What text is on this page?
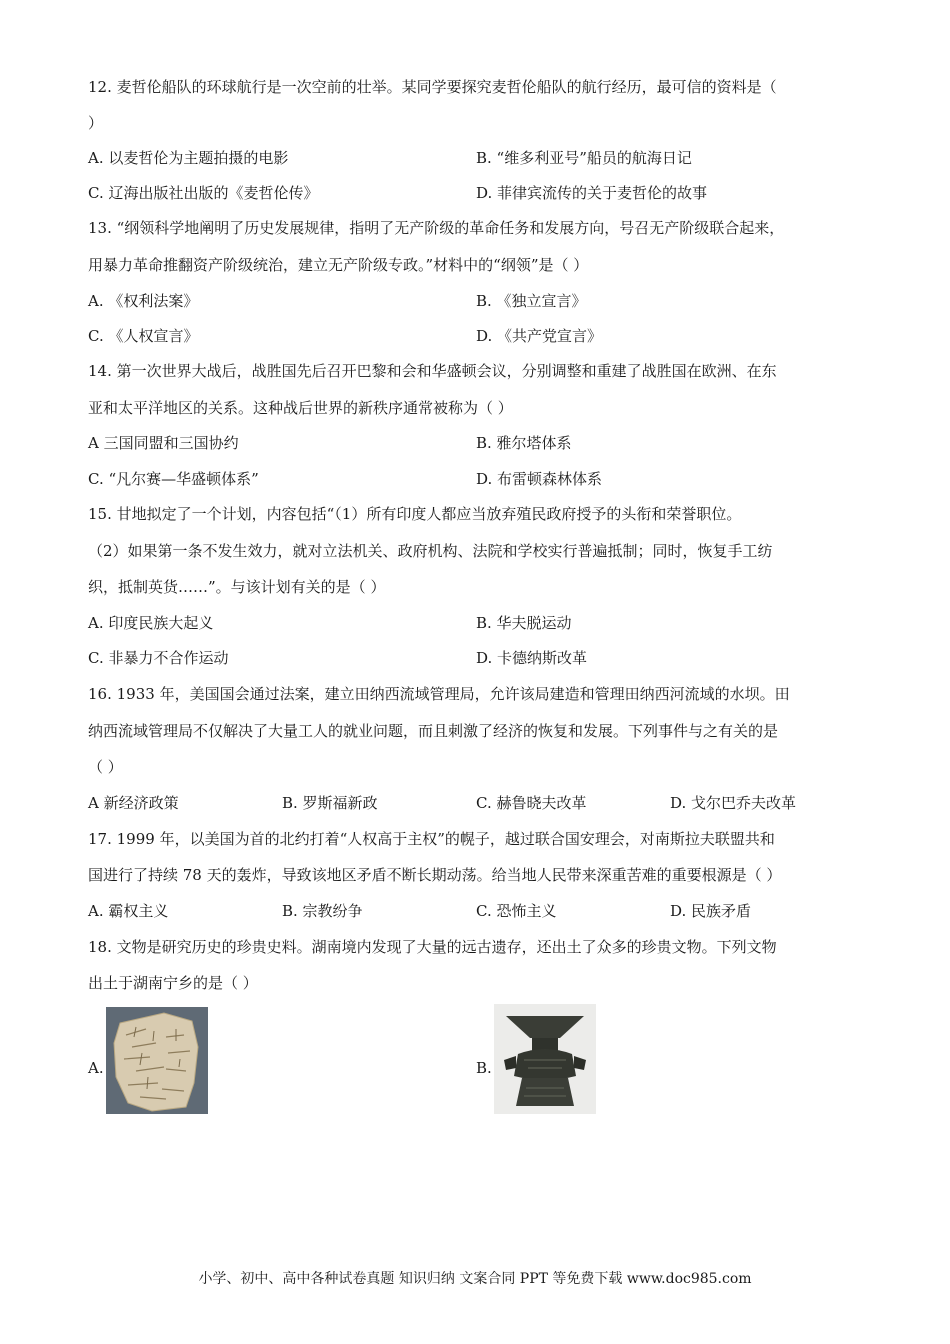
12. 麦哲伦船队的环球航行是一次空前的壮举。某同学要探究麦哲伦船队的航行经历，最可信的资料是（
）
A. 以麦哲伦为主题拍摄的电影	B. “维多利亚号”船员的航海日记
C. 辽海出版社出版的《麦哲伦传》	D. 菲律宾流传的关于麦哲伦的故事
13. “纲领科学地阐明了历史发展规律，指明了无产阶级的革命任务和发展方向，号召无产阶级联合起来，
用暴力革命推翻资产阶级统治，建立无产阶级专政。”材料中的“纲领”是（ ）
A. 《权利法案》	B. 《独立宣言》
C. 《人权宣言》	D. 《共产党宣言》
14. 第一次世界大战后，战胜国先后召开巴黎和会和华盛顿会议，分别调整和重建了战胜国在欧洲、在东
亚和太平洋地区的关系。这种战后世界的新秩序通常被称为（ ）
A 三国同盟和三国协约	B. 雅尔塔体系
C. “凡尔赛—华盛顿体系”	D. 布雷顿森林体系
15. 甘地拟定了一个计划，内容包括“（1）所有印度人都应当放弃殖民政府授予的头衔和荣誉职位。
（2）如果第一条不发生效力，就对立法机关、政府机构、法院和学校实行普遍抵制；同时，恢复手工纺
织，抵制英货……”。与该计划有关的是（ ）
A. 印度民族大起义	B. 华夫脱运动
C. 非暴力不合作运动	D. 卡德纳斯改革
16. 1933 年，美国国会通过法案，建立田纳西流域管理局，允许该局建造和管理田纳西河流域的水坝。田
纳西流域管理局不仅解决了大量工人的就业问题，而且刺激了经济的恢复和发展。下列事件与之有关的是
（ ）
A 新经济政策	B. 罗斯福新政	C. 赫鲁晓夫改革	D. 戈尔巴乔夫改革
17. 1999 年，以美国为首的北约打着“人权高于主权”的幌子，越过联合国安理会，对南斯拉夫联盟共和
国进行了持续 78 天的轰炸，导致该地区矛盾不断长期动荡。给当地人民带来深重苦难的重要根源是（ ）
A. 霸权主义	B. 宗教纷争	C. 恐怖主义	D. 民族矛盾
18. 文物是研究历史的珍贵史料。湖南境内发现了大量的远古遗存，还出土了众多的珍贵文物。下列文物
出土于湖南宁乡的是（ ）
A.	B.
小学、初中、高中各种试卷真题 知识归纳 文案合同 PPT 等免费下载 www.doc985.com
